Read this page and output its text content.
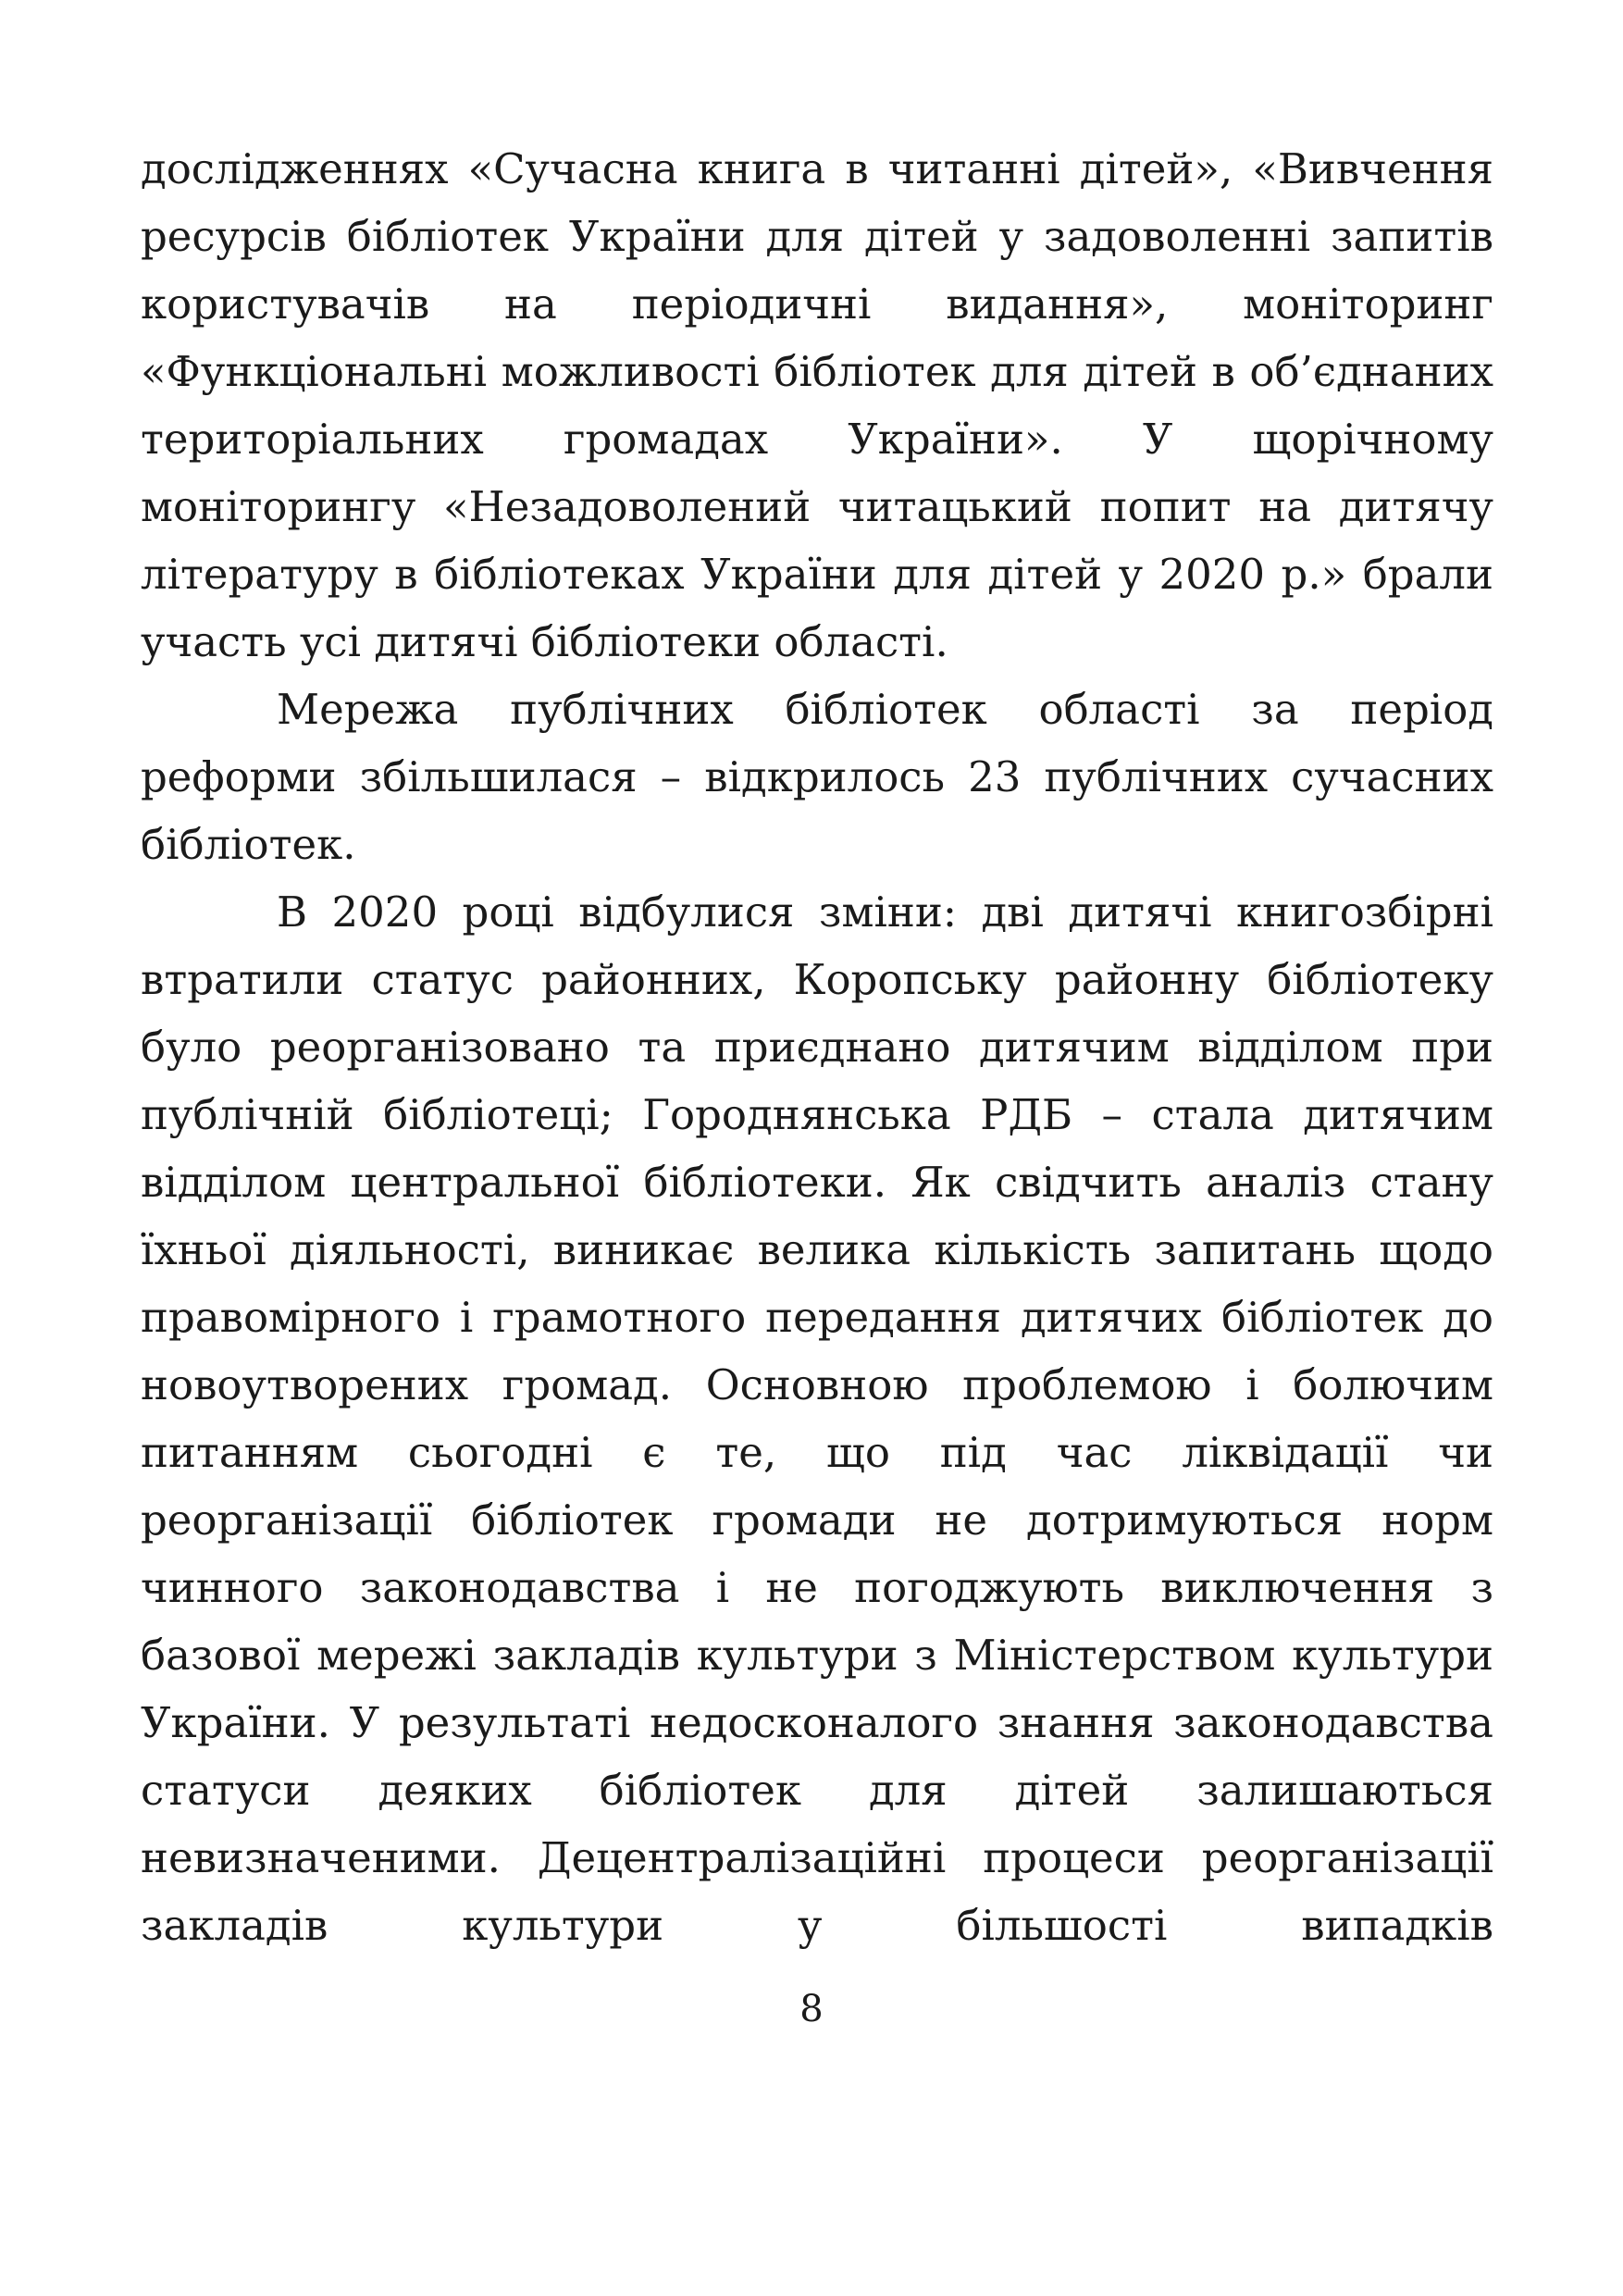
дослідженнях «Сучасна книга в читанні дітей», «Вивчення ресурсів бібліотек України для дітей у задоволенні запитів користувачів на періодичні видання», моніторинг «Функціональні можливості бібліотек для дітей в об’єднаних територіальних громадах України». У щорічному моніторингу «Незадоволений читацький попит на дитячу літературу в бібліотеках України для дітей у 2020 р.» брали участь усі дитячі бібліотеки області.

Мережа публічних бібліотек області за період реформи збільшилася – відкрилось 23 публічних сучасних бібліотек.

В 2020 році відбулися зміни: дві дитячі книгозбірні втратили статус районних, Коропську районну бібліотеку було реорганізовано та приєднано дитячим відділом при публічній бібліотеці; Городнянська РДБ – стала дитячим відділом центральної бібліотеки. Як свідчить аналіз стану їхньої діяльності, виникає велика кількість запитань щодо правомірного і грамотного передання дитячих бібліотек до новоутворених громад. Основною проблемою і болючим питанням сьогодні є те, що під час ліквідації чи реорганізації бібліотек громади не дотримуються норм чинного законодавства і не погоджують виключення з базової мережі закладів культури з Міністерством культури України. У результаті недосконалого знання законодавства статуси деяких бібліотек для дітей залишаються невизначеними. Децентралізаційні процеси реорганізації закладів культури у більшості випадків

8
